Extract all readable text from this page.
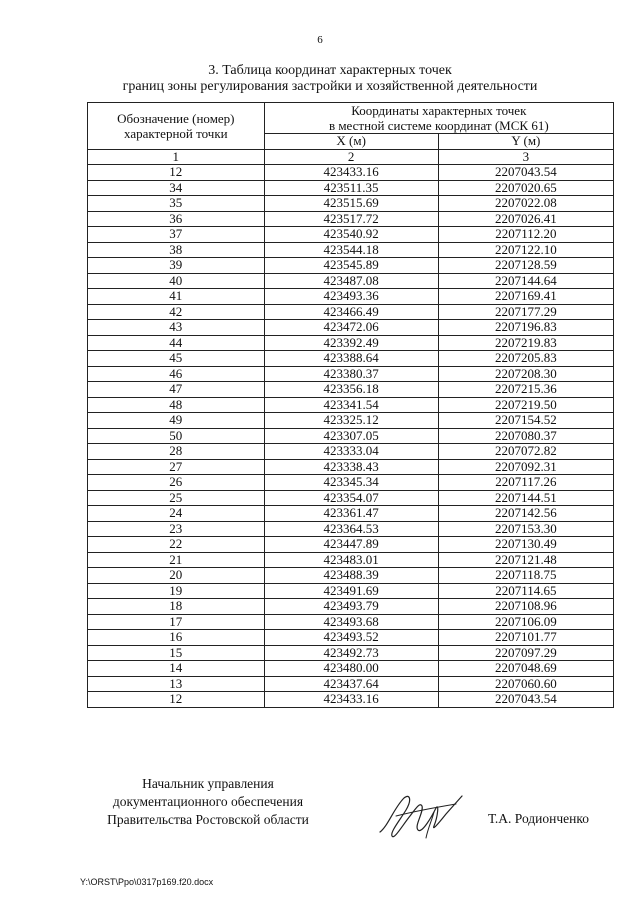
6
3. Таблица координат характерных точек
границ зоны регулирования застройки и хозяйственной деятельности
Обозначение (номер) характерной точки	Координаты характерных точек
в местной системе координат (МСК 61)	

	X (м)	Y (м)
1	2	3
12	423433.16	2207043.54
34	423511.35	2207020.65
35	423515.69	2207022.08
36	423517.72	2207026.41
37	423540.92	2207112.20
38	423544.18	2207122.10
39	423545.89	2207128.59
40	423487.08	2207144.64
41	423493.36	2207169.41
42	423466.49	2207177.29
43	423472.06	2207196.83
44	423392.49	2207219.83
45	423388.64	2207205.83
46	423380.37	2207208.30
47	423356.18	2207215.36
48	423341.54	2207219.50
49	423325.12	2207154.52
50	423307.05	2207080.37
28	423333.04	2207072.82
27	423338.43	2207092.31
26	423345.34	2207117.26
25	423354.07	2207144.51
24	423361.47	2207142.56
23	423364.53	2207153.30
22	423447.89	2207130.49
21	423483.01	2207121.48
20	423488.39	2207118.75
19	423491.69	2207114.65
18	423493.79	2207108.96
17	423493.68	2207106.09
16	423493.52	2207101.77
15	423492.73	2207097.29
14	423480.00	2207048.69
13	423437.64	2207060.60
12	423433.16	2207043.54
Начальник управления
документационного обеспечения
Правительства Ростовской области	Т.А. Родионченко
Y:\ORST\Ppo\0317p169.f20.docx
